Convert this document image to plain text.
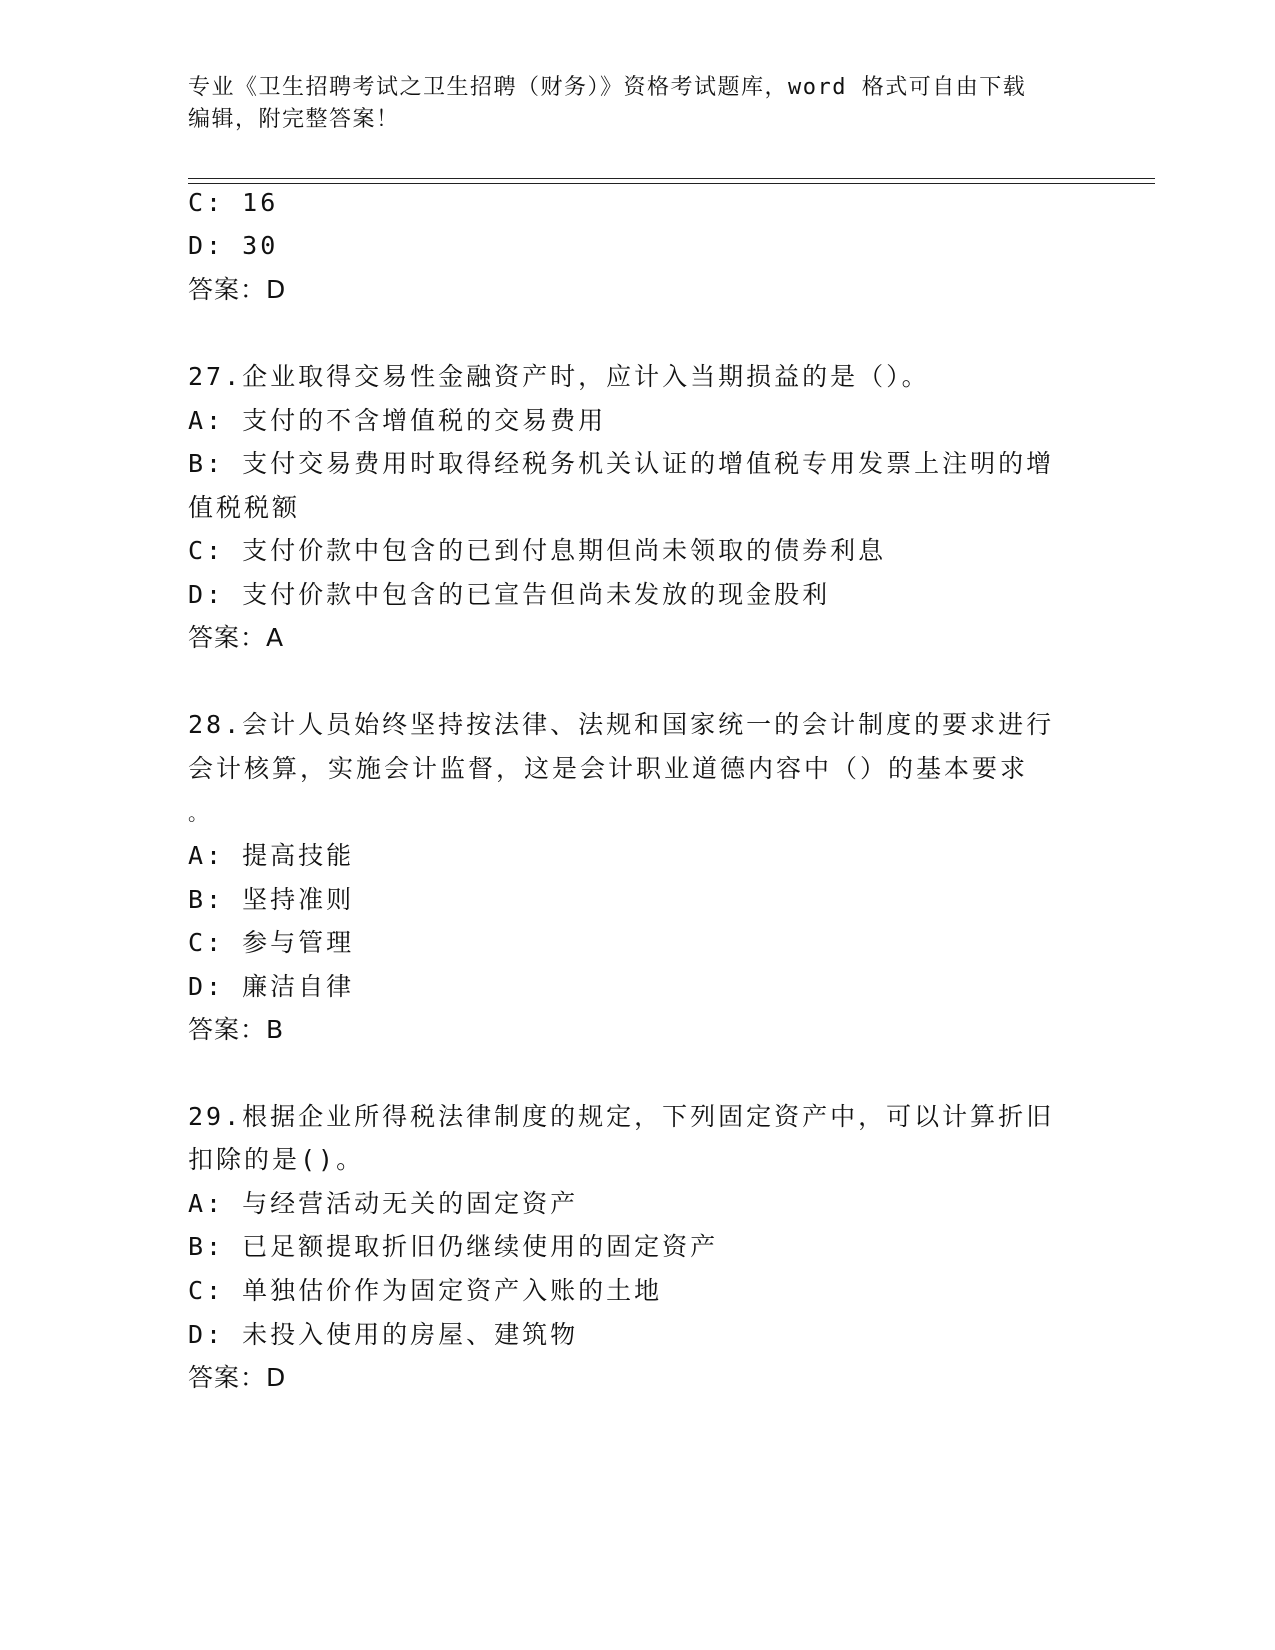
专业《卫生招聘考试之卫生招聘（财务）》资格考试题库，word 格式可自由下载
编辑，附完整答案！
C: 16
D: 30
答案：D
27.企业取得交易性金融资产时，应计入当期损益的是（）。
A: 支付的不含增值税的交易费用
B: 支付交易费用时取得经税务机关认证的增值税专用发票上注明的增
值税税额
C: 支付价款中包含的已到付息期但尚未领取的债券利息
D: 支付价款中包含的已宣告但尚未发放的现金股利
答案：A
28.会计人员始终坚持按法律、法规和国家统一的会计制度的要求进行
会计核算，实施会计监督，这是会计职业道德内容中（）的基本要求
。
A: 提高技能
B: 坚持准则
C: 参与管理
D: 廉洁自律
答案：B
29.根据企业所得税法律制度的规定，下列固定资产中，可以计算折旧
扣除的是()。
A: 与经营活动无关的固定资产
B: 已足额提取折旧仍继续使用的固定资产
C: 单独估价作为固定资产入账的土地
D: 未投入使用的房屋、建筑物
答案：D
